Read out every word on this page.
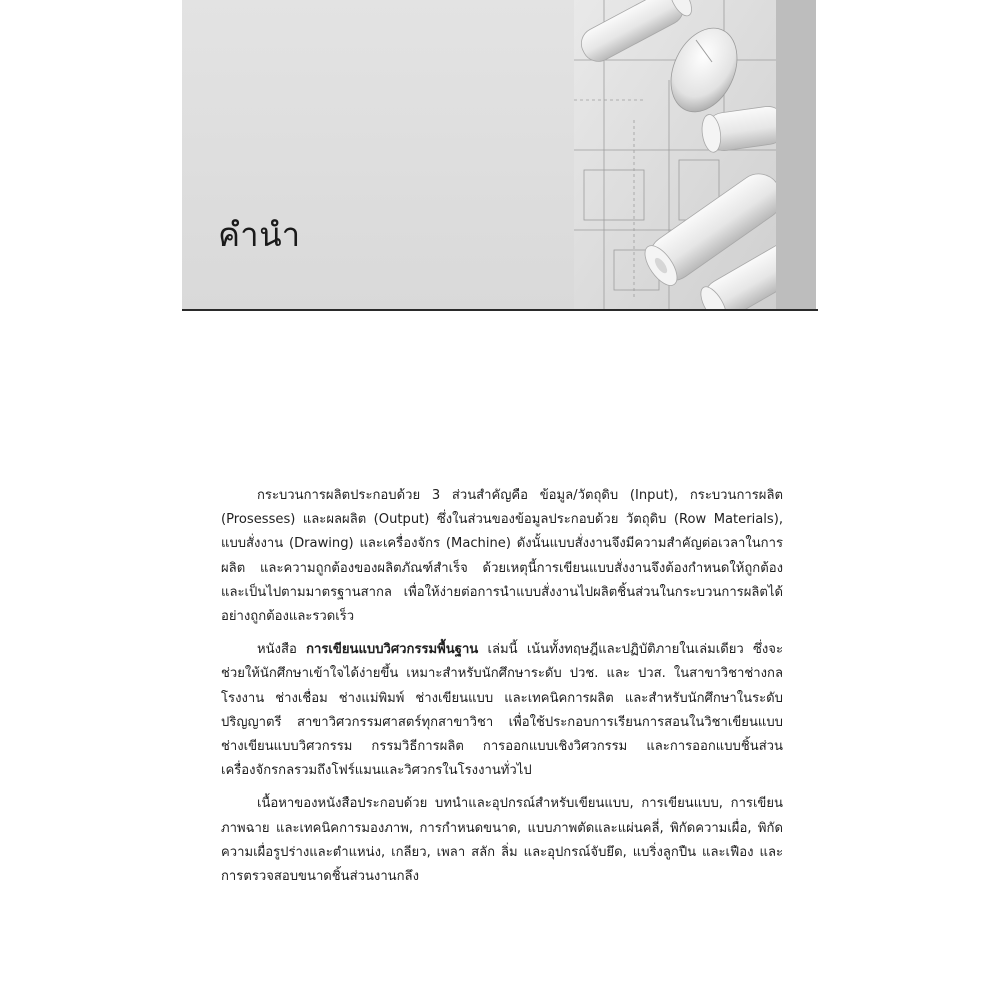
คำนำ

กระบวนการผลิตประกอบด้วย 3 ส่วนสำคัญคือ ข้อมูล/วัตถุดิบ (Input), กระบวนการผลิต (Prosesses) และผลผลิต (Output) ซึ่งในส่วนของข้อมูลประกอบด้วย วัตถุดิบ (Row Materials), แบบสั่งงาน (Drawing) และเครื่องจักร (Machine) ดังนั้นแบบสั่งงานจึงมีความสำคัญต่อเวลาในการผลิต และความถูกต้องของผลิตภัณฑ์สำเร็จ ด้วยเหตุนี้การเขียนแบบสั่งงานจึงต้องกำหนดให้ถูกต้อง และเป็นไปตามมาตรฐานสากล เพื่อให้ง่ายต่อการนำแบบสั่งงานไปผลิตชิ้นส่วนในกระบวนการผลิตได้อย่างถูกต้องและรวดเร็ว

หนังสือ การเขียนแบบวิศวกรรมพื้นฐาน เล่มนี้ เน้นทั้งทฤษฎีและปฏิบัติภายในเล่มเดียว ซึ่งจะช่วยให้นักศึกษาเข้าใจได้ง่ายขึ้น เหมาะสำหรับนักศึกษาระดับ ปวช. และ ปวส. ในสาขาวิชาช่างกลโรงงาน ช่างเชื่อม ช่างแม่พิมพ์ ช่างเขียนแบบ และเทคนิคการผลิต และสำหรับนักศึกษาในระดับปริญญาตรี สาขาวิศวกรรมศาสตร์ทุกสาขาวิชา เพื่อใช้ประกอบการเรียนการสอนในวิชาเขียนแบบช่างเขียนแบบวิศวกรรม กรรมวิธีการผลิต การออกแบบเชิงวิศวกรรม และการออกแบบชิ้นส่วนเครื่องจักรกลรวมถึงโฟร์แมนและวิศวกรในโรงงานทั่วไป

เนื้อหาของหนังสือประกอบด้วย บทนำและอุปกรณ์สำหรับเขียนแบบ, การเขียนแบบ, การเขียนภาพฉาย และเทคนิคการมองภาพ, การกำหนดขนาด, แบบภาพตัดและแผ่นคลี่, พิกัดความเผื่อ, พิกัดความเผื่อรูปร่างและตำแหน่ง, เกลียว, เพลา สลัก ลิ่ม และอุปกรณ์จับยึด, แบริ่งลูกปืน และเฟือง และการตรวจสอบขนาดชิ้นส่วนงานกลึง
